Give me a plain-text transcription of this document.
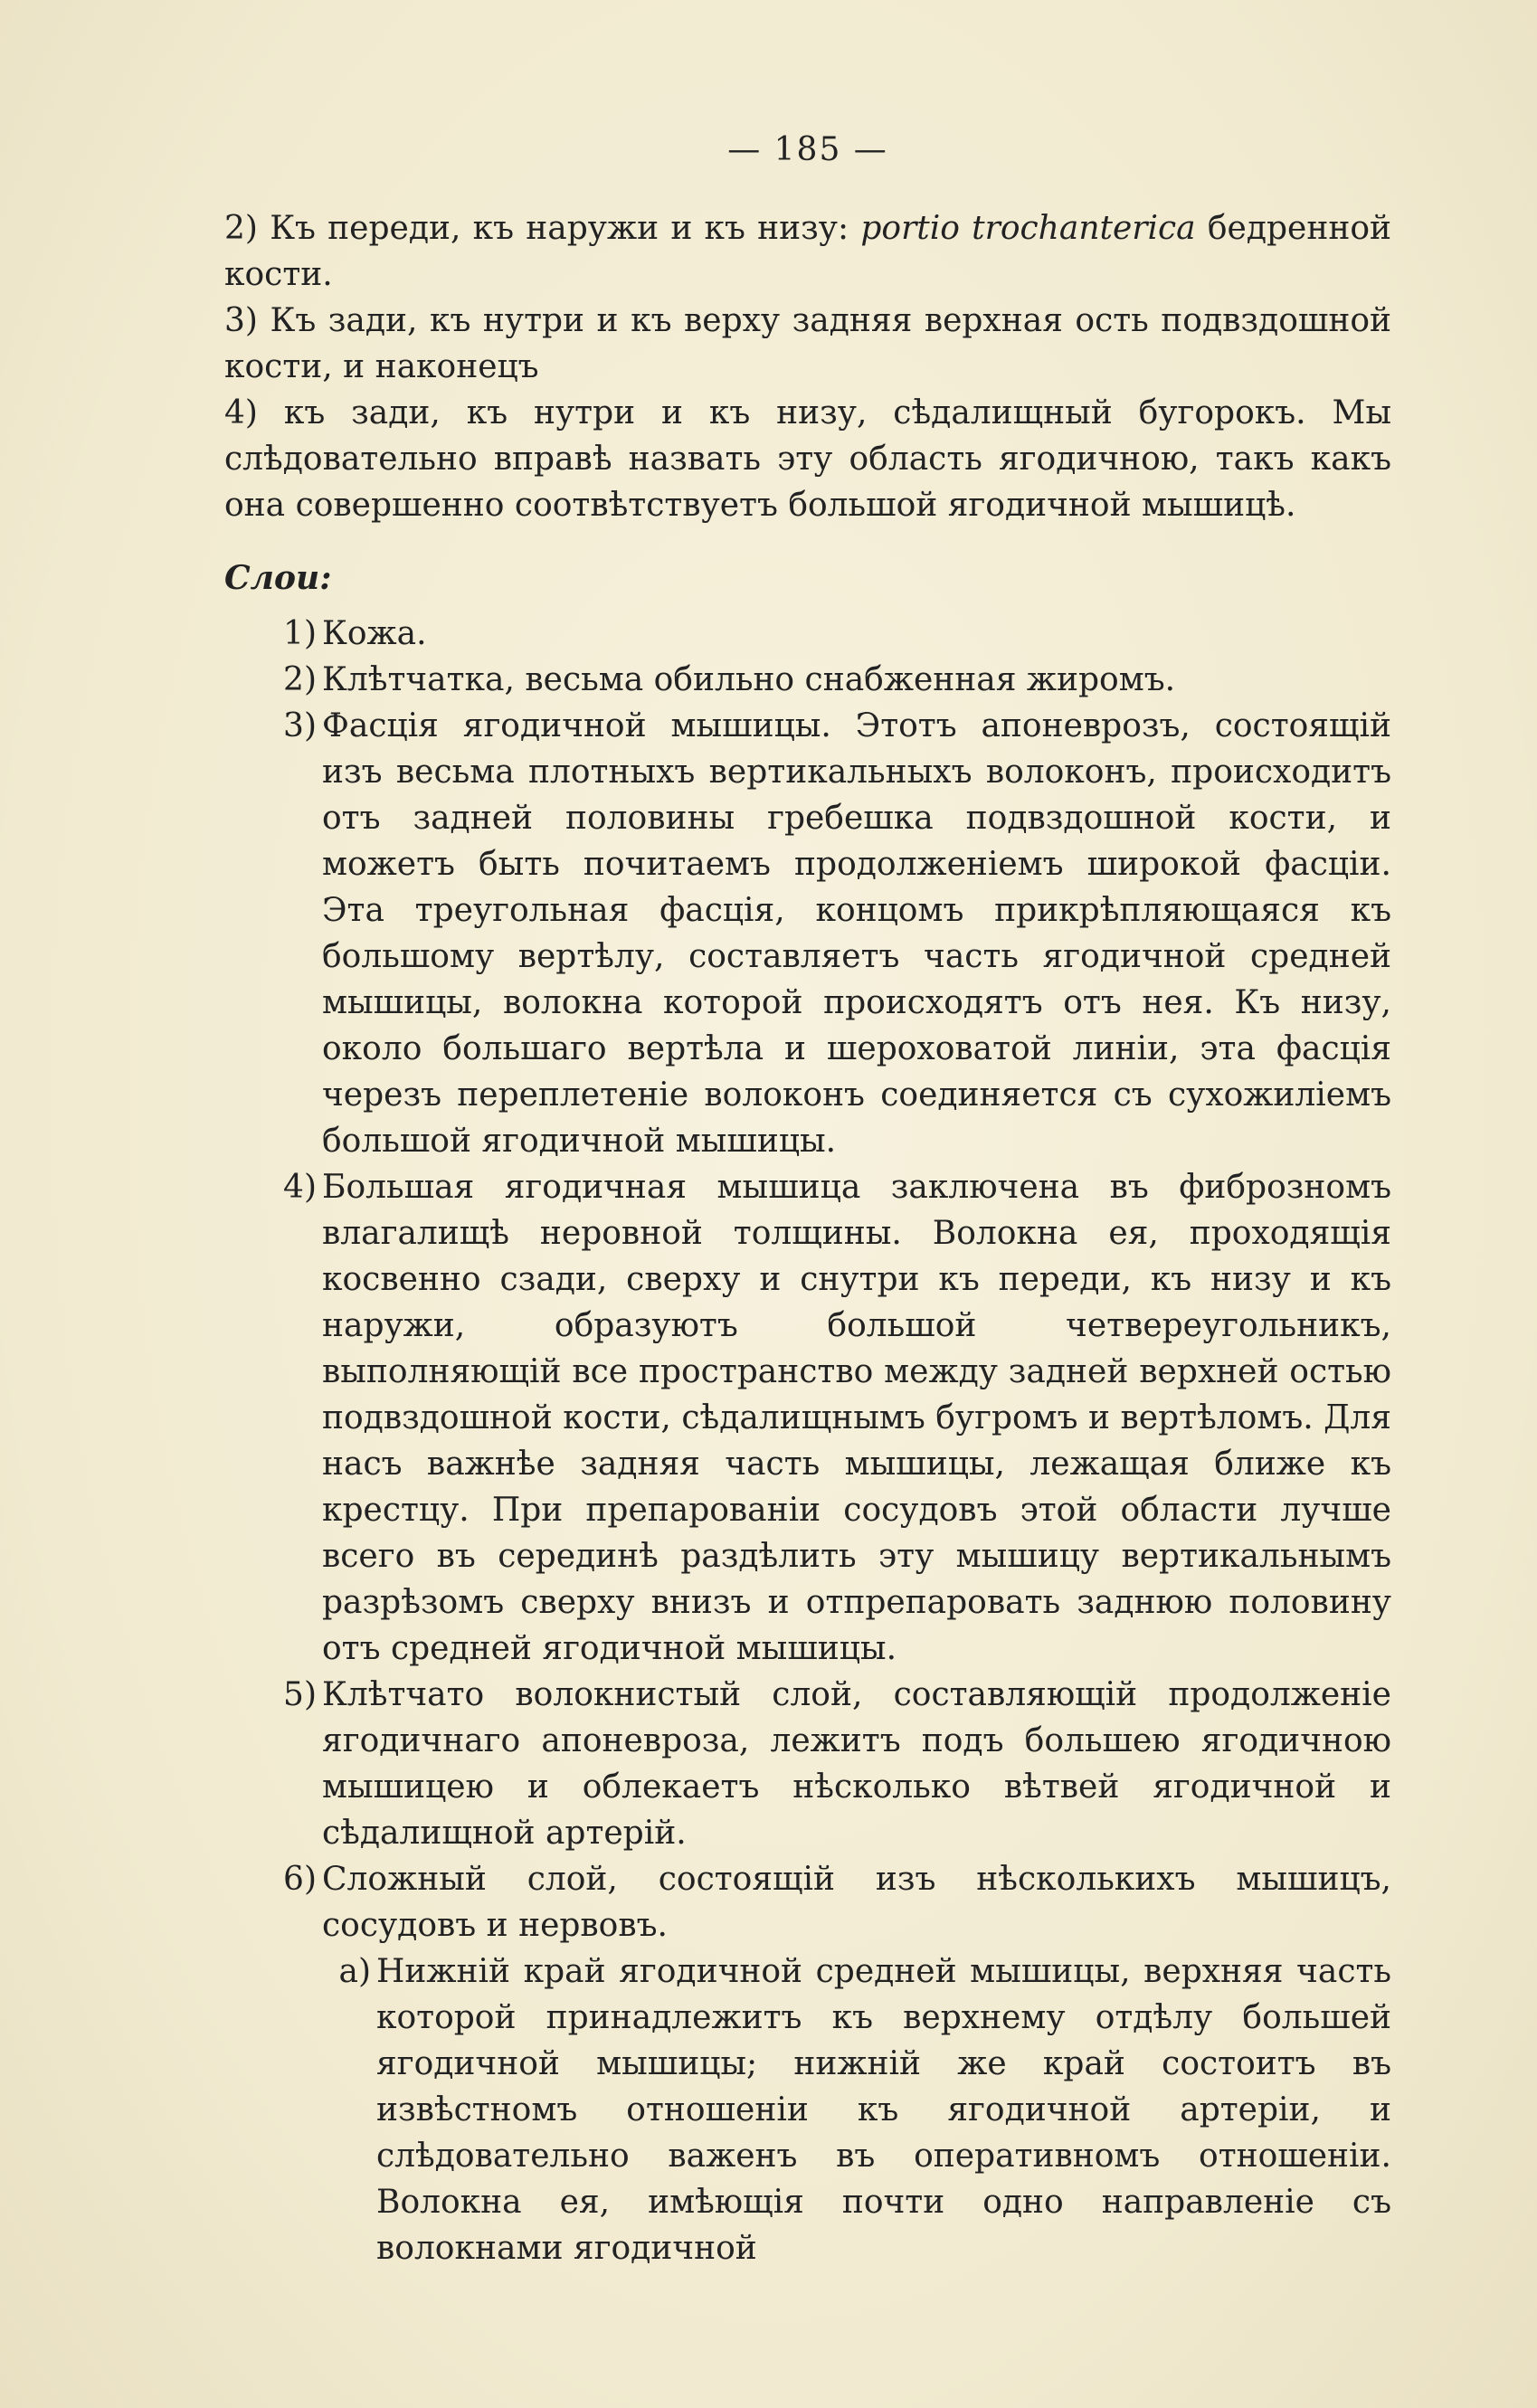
— 185 —

2) Къ переди, къ наружи и къ низу: portio trochanterica бедренной кости.

3) Къ зади, къ нутри и къ верху задняя верхная ость подвздошной кости, и наконецъ

4) къ зади, къ нутри и къ низу, сѣдалищный бугорокъ. Мы слѣдовательно вправѣ назвать эту область ягодичною, такъ какъ она совершенно соотвѣтствуетъ большой ягодичной мышицѣ.

Слои:
1) Кожа.
2) Клѣтчатка, весьма обильно снабженная жиромъ.
3) Фасція ягодичной мышицы. Этотъ апоневрозъ, состоящій изъ весьма плотныхъ вертикальныхъ волоконъ, происходитъ отъ задней половины гребешка подвздошной кости, и можетъ быть почитаемъ продолженіемъ широкой фасціи. Эта треугольная фасція, концомъ прикрѣпляющаяся къ большому вертѣлу, составляетъ часть ягодичной средней мышицы, волокна которой происходятъ отъ нея. Къ низу, около большаго вертѣла и шероховатой линіи, эта фасція черезъ переплетеніе волоконъ соединяется съ сухожиліемъ большой ягодичной мышицы.
4) Большая ягодичная мышица заключена въ фиброзномъ влагалищѣ неровной толщины. Волокна ея, проходящія косвенно сзади, сверху и снутри къ переди, къ низу и къ наружи, образуютъ большой четвереугольникъ, выполняющій все пространство между задней верхней остью подвздошной кости, сѣдалищнымъ бугромъ и вертѣломъ. Для насъ важнѣе задняя часть мышицы, лежащая ближе къ крестцу. При препарованіи сосудовъ этой области лучше всего въ серединѣ раздѣлить эту мышицу вертикальнымъ разрѣзомъ сверху внизъ и отпрепаровать заднюю половину отъ средней ягодичной мышицы.
5) Клѣтчато волокнистый слой, составляющій продолженіе ягодичнаго апоневроза, лежитъ подъ большею ягодичною мышицею и облекаетъ нѣсколько вѣтвей ягодичной и сѣдалищной артерій.
6) Сложный слой, состоящій изъ нѣсколькихъ мышицъ, сосудовъ и нервовъ.
а) Нижній край ягодичной средней мышицы, верхняя часть которой принадлежитъ къ верхнему отдѣлу большей ягодичной мышицы; нижній же край состоитъ въ извѣстномъ отношеніи къ ягодичной артеріи, и слѣдовательно важенъ въ оперативномъ отношеніи. Волокна ея, имѣющія почти одно направленіе съ волокнами ягодичной
